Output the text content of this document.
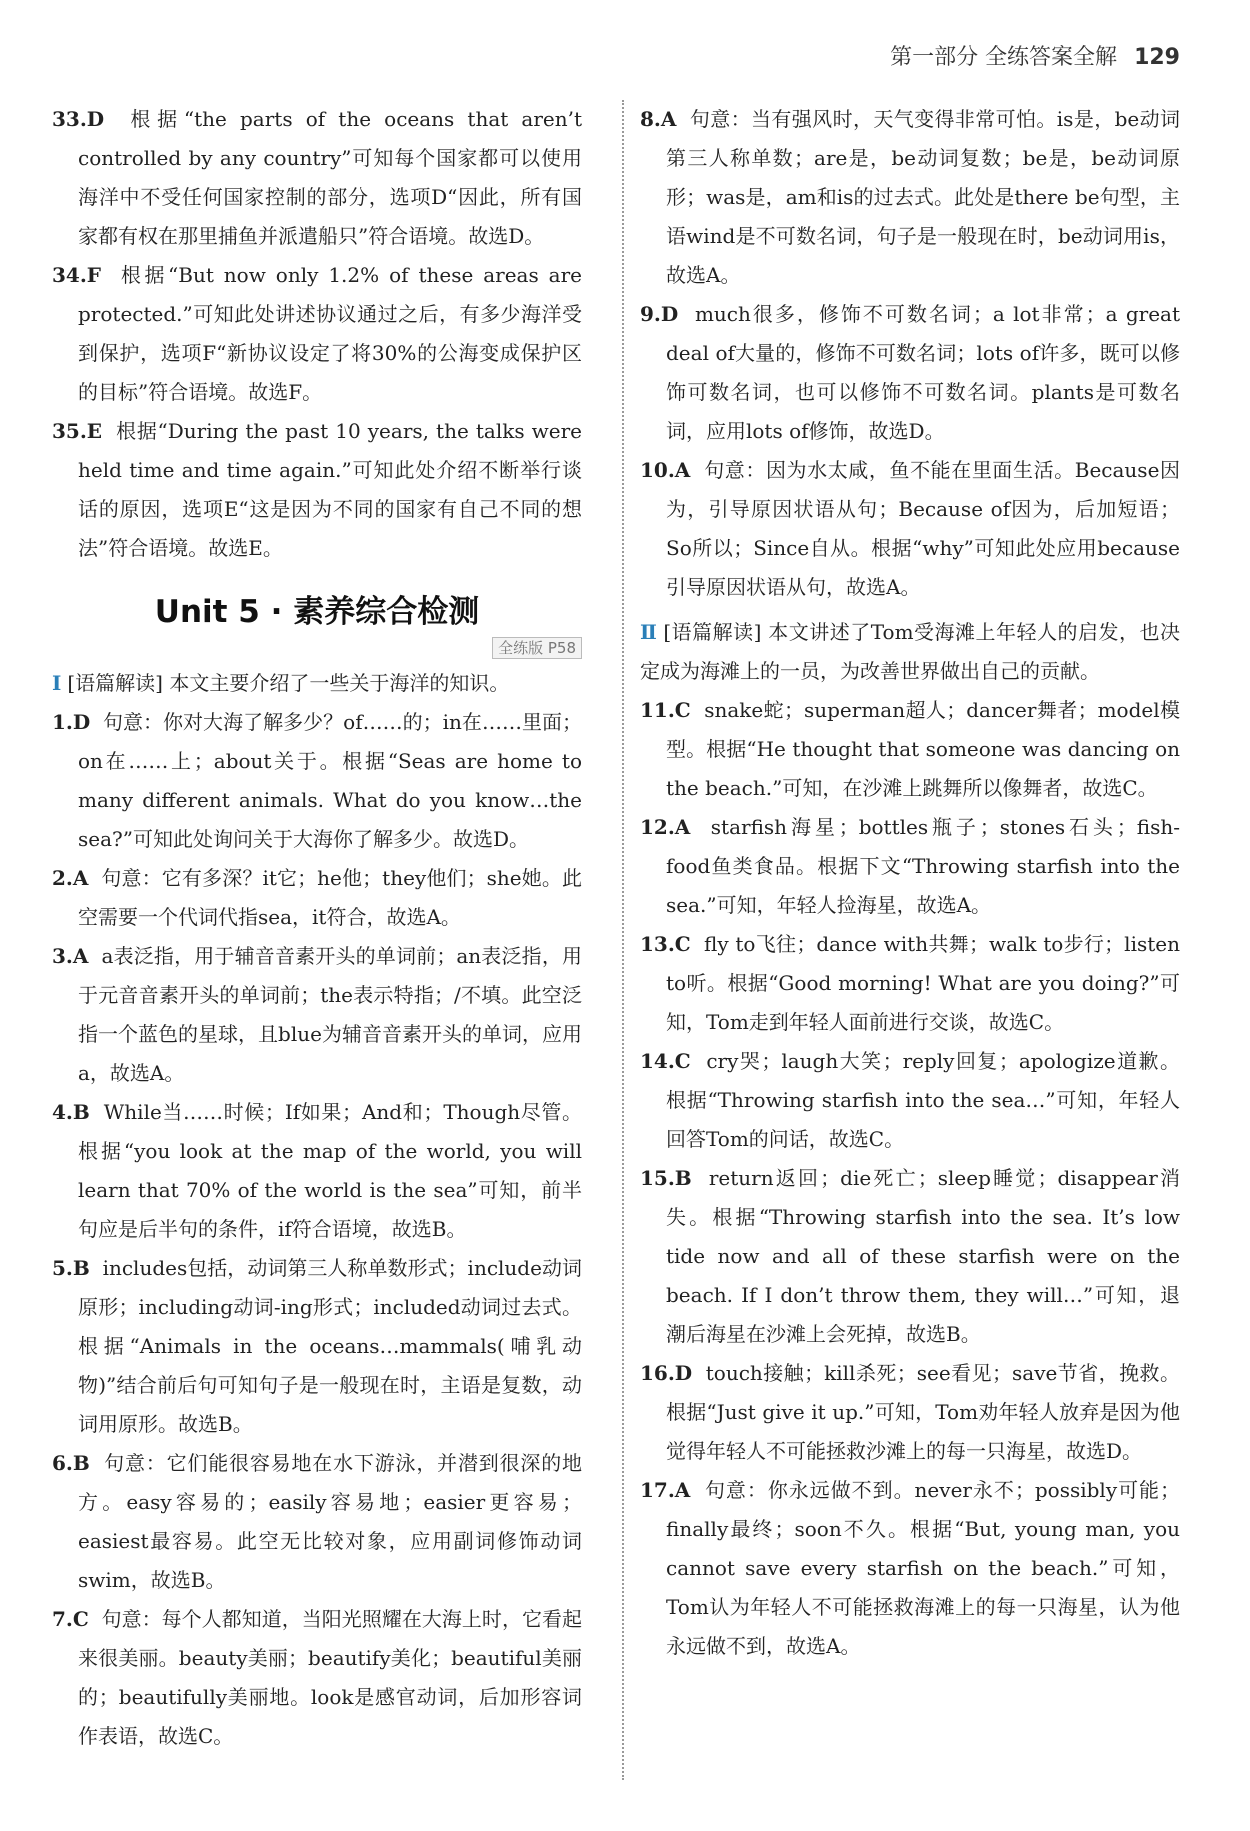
第一部分 全练答案全解 129

33.D 根据“the parts of the oceans that aren’t controlled by any country”可知每个国家都可以使用海洋中不受任何国家控制的部分，选项D“因此，所有国家都有权在那里捕鱼并派遣船只”符合语境。故选D。

34.F 根据“But now only 1.2% of these areas are protected.”可知此处讲述协议通过之后，有多少海洋受到保护，选项F“新协议设定了将30%的公海变成保护区的目标”符合语境。故选F。

35.E 根据“During the past 10 years, the talks were held time and time again.”可知此处介绍不断举行谈话的原因，选项E“这是因为不同的国家有自己不同的想法”符合语境。故选E。

Unit 5 · 素养综合检测
全练版 P58
Ⅰ [语篇解读] 本文主要介绍了一些关于海洋的知识。

1.D 句意：你对大海了解多少？of……的；in在……里面；on在……上；about关于。根据“Seas are home to many different animals. What do you know…the sea?”可知此处询问关于大海你了解多少。故选D。

2.A 句意：它有多深？it它；he他；they他们；she她。此空需要一个代词代指sea，it符合，故选A。

3.A a表泛指，用于辅音音素开头的单词前；an表泛指，用于元音音素开头的单词前；the表示特指；/不填。此空泛指一个蓝色的星球，且blue为辅音音素开头的单词，应用a，故选A。

4.B While当……时候；If如果；And和；Though尽管。根据“you look at the map of the world, you will learn that 70% of the world is the sea”可知，前半句应是后半句的条件，if符合语境，故选B。

5.B includes包括，动词第三人称单数形式；include动词原形；including动词-ing形式；included动词过去式。根据“Animals in the oceans…mammals(哺乳动物)”结合前后句可知句子是一般现在时，主语是复数，动词用原形。故选B。

6.B 句意：它们能很容易地在水下游泳，并潜到很深的地方。easy容易的；easily容易地；easier更容易；easiest最容易。此空无比较对象，应用副词修饰动词swim，故选B。

7.C 句意：每个人都知道，当阳光照耀在大海上时，它看起来很美丽。beauty美丽；beautify美化；beautiful美丽的；beautifully美丽地。look是感官动词，后加形容词作表语，故选C。

8.A 句意：当有强风时，天气变得非常可怕。is是，be动词第三人称单数；are是，be动词复数；be是，be动词原形；was是，am和is的过去式。此处是there be句型，主语wind是不可数名词，句子是一般现在时，be动词用is，故选A。

9.D much很多，修饰不可数名词；a lot非常；a great deal of大量的，修饰不可数名词；lots of许多，既可以修饰可数名词，也可以修饰不可数名词。plants是可数名词，应用lots of修饰，故选D。

10.A 句意：因为水太咸，鱼不能在里面生活。Because因为，引导原因状语从句；Because of因为，后加短语；So所以；Since自从。根据“why”可知此处应用because引导原因状语从句，故选A。

Ⅱ [语篇解读] 本文讲述了Tom受海滩上年轻人的启发，也决定成为海滩上的一员，为改善世界做出自己的贡献。

11.C snake蛇；superman超人；dancer舞者；model模型。根据“He thought that someone was dancing on the beach.”可知，在沙滩上跳舞所以像舞者，故选C。

12.A starfish海星；bottles瓶子；stones石头；fish-food鱼类食品。根据下文“Throwing starfish into the sea.”可知，年轻人捡海星，故选A。

13.C fly to飞往；dance with共舞；walk to步行；listen to听。根据“Good morning! What are you doing?”可知，Tom走到年轻人面前进行交谈，故选C。

14.C cry哭；laugh大笑；reply回复；apologize道歉。根据“Throwing starfish into the sea…”可知，年轻人回答Tom的问话，故选C。

15.B return返回；die死亡；sleep睡觉；disappear消失。根据“Throwing starfish into the sea. It’s low tide now and all of these starfish were on the beach. If I don’t throw them, they will…”可知，退潮后海星在沙滩上会死掉，故选B。

16.D touch接触；kill杀死；see看见；save节省，挽救。根据“Just give it up.”可知，Tom劝年轻人放弃是因为他觉得年轻人不可能拯救沙滩上的每一只海星，故选D。

17.A 句意：你永远做不到。never永不；possibly可能；finally最终；soon不久。根据“But, young man, you cannot save every starfish on the beach.”可知，Tom认为年轻人不可能拯救海滩上的每一只海星，认为他永远做不到，故选A。
